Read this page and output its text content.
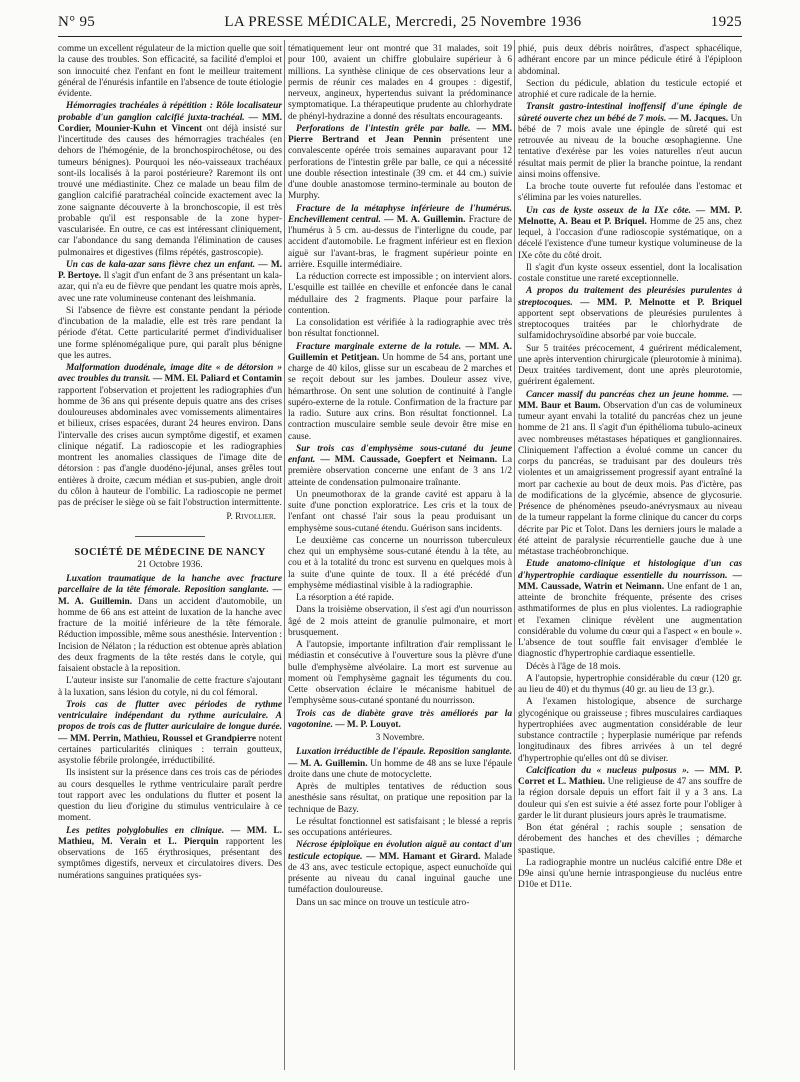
N° 95	LA PRESSE MÉDICALE, Mercredi, 25 Novembre 1936	1925

comme un excellent régulateur de la miction quelle que soit la cause des troubles. Son efficacité, sa facilité d'emploi et son innocuité chez l'enfant en font le meilleur traitement général de l'énurésis infantile en l'absence de toute étiologie évidente.

Hémorragies trachéales à répétition : Rôle localisateur probable d'un ganglion calcifié juxta-trachéal. — MM. Cordier, Mounier-Kuhn et Vincent ont déjà insisté sur l'incertitude des causes des hémorragies trachéales (en dehors de l'hémogénie, de la bronchospirochétose, ou des tumeurs bénignes). Pourquoi les néo-vaisseaux trachéaux sont-ils localisés à la paroi postérieure? Raremont ils ont trouvé une médiastinite. Chez ce malade un beau film de ganglion calcifié paratrachéal coïncide exactement avec la zone saignante découverte à la bronchoscopie, il est très probable qu'il est responsable de la zone hyper-vascularisée. En outre, ce cas est intéressant cliniquement, car l'abondance du sang demanda l'élimination de causes pulmonaires et digestives (films répétés, gastroscopie).

Un cas de kala-azar sans fièvre chez un enfant. — M. P. Bertoye. Il s'agit d'un enfant de 3 ans présentant un kala-azar, qui n'a eu de fièvre que pendant les quatre mois après, avec une rate volumineuse contenant des leishmania.

Si l'absence de fièvre est constante pendant la période d'incubation de la maladie, elle est très rare pendant la période d'état. Cette particularité permet d'individualiser une forme splénomégalique pure, qui paraît plus bénigne que les autres.

Malformation duodénale, image dite « de détorsion » avec troubles du transit. — MM. El. Paliard et Contamin rapportent l'observation et projettent les radiographies d'un homme de 36 ans qui présente depuis quatre ans des crises douloureuses abdominales avec vomissements alimentaires et bilieux, crises espacées, durant 24 heures environ. Dans l'intervalle des crises aucun symptôme digestif, et examen clinique négatif. La radioscopie et les radiographies montrent les anomalies classiques de l'image dite de détorsion : pas d'angle duodéno-jéjunal, anses grêles tout entières à droite, cæcum médian et sus-pubien, angle droit du côlon à hauteur de l'ombilic. La radioscopie ne permet pas de préciser le siège où se fait l'obstruction intermittente.

P. Rivollier.

SOCIÉTÉ DE MÉDECINE DE NANCY

21 Octobre 1936.

Luxation traumatique de la hanche avec fracture parcellaire de la tête fémorale. Reposition sanglante. — M. A. Guillemin. Dans un accident d'automobile, un homme de 66 ans est atteint de luxation de la hanche avec fracture de la moitié inférieure de la tête fémorale. Réduction impossible, même sous anesthésie. Intervention : Incision de Nélaton ; la réduction est obtenue après ablation des deux fragments de la tête restés dans le cotyle, qui faisaient obstacle à la reposition.

L'auteur insiste sur l'anomalie de cette fracture s'ajoutant à la luxation, sans lésion du cotyle, ni du col fémoral.

Trois cas de flutter avec périodes de rythme ventriculaire indépendant du rythme auriculaire. A propos de trois cas de flutter auriculaire de longue durée. — MM. Perrin, Mathieu, Roussel et Grandpierre notent certaines particularités cliniques : terrain goutteux, asystolie fébrile prolongée, irréductibilité.

Ils insistent sur la présence dans ces trois cas de périodes au cours desquelles le rythme ventriculaire paraît perdre tout rapport avec les ondulations du flutter et posent la question du lieu d'origine du stimulus ventriculaire à ce moment.

Les petites polyglobulies en clinique. — MM. L. Mathieu, M. Verain et L. Pierquin rapportent les observations de 165 érythrosiques, présentant des symptômes digestifs, nerveux et circulatoires divers. Des numérations sanguines pratiquées sys-

tématiquement leur ont montré que 31 malades, soit 19 pour 100, avaient un chiffre globulaire supérieur à 6 millions. La synthèse clinique de ces observations leur a permis de réunir ces malades en 4 groupes : digestif, nerveux, angineux, hypertendus suivant la prédominance symptomatique. La thérapeutique prudente au chlorhydrate de phényl-hydrazine a donné des résultats encourageants.

Perforations de l'intestin grêle par balle. — MM. Pierre Bertrand et Jean Pennin présentent une convalescente opérée trois semaines auparavant pour 12 perforations de l'intestin grêle par balle, ce qui a nécessité une double résection intestinale (39 cm. et 44 cm.) suivie d'une double anastomose termino-terminale au bouton de Murphy.

Fracture de la métaphyse inférieure de l'humérus. Enchevillement central. — M. A. Guillemin. Fracture de l'humérus à 5 cm. au-dessus de l'interligne du coude, par accident d'automobile. Le fragment inférieur est en flexion aiguë sur l'avant-bras, le fragment supérieur pointe en arrière. Esquille intermédiaire.

La réduction correcte est impossible ; on intervient alors. L'esquille est taillée en cheville et enfoncée dans le canal médullaire des 2 fragments. Plaque pour parfaire la contention.

La consolidation est vérifiée à la radiographie avec très bon résultat fonctionnel.

Fracture marginale externe de la rotule. — MM. A. Guillemin et Petitjean. Un homme de 54 ans, portant une charge de 40 kilos, glisse sur un escabeau de 2 marches et se reçoit debout sur les jambes. Douleur assez vive, hémarthrose. On sent une solution de continuité à l'angle supéro-externe de la rotule. Confirmation de la fracture par la radio. Suture aux crins. Bon résultat fonctionnel. La contraction musculaire semble seule devoir être mise en cause.

Sur trois cas d'emphysème sous-cutané du jeune enfant. — MM. Caussade, Goepfert et Neimann. La première observation concerne une enfant de 3 ans 1/2 atteinte de condensation pulmonaire traînante.

Un pneumothorax de la grande cavité est apparu à la suite d'une ponction exploratrice. Les cris et la toux de l'enfant ont chassé l'air sous la peau produisant un emphysème sous-cutané étendu. Guérison sans incidents.

Le deuxième cas concerne un nourrisson tuberculeux chez qui un emphysème sous-cutané étendu à la tête, au cou et à la totalité du tronc est survenu en quelques mois à la suite d'une quinte de toux. Il a été précédé d'un emphysème médiastinal visible à la radiographie.

La résorption a été rapide.

Dans la troisième observation, il s'est agi d'un nourrisson âgé de 2 mois atteint de granulie pulmonaire, et mort brusquement.

A l'autopsie, importante infiltration d'air remplissant le médiastin et consécutive à l'ouverture sous la plèvre d'une bulle d'emphysème alvéolaire. La mort est survenue au moment où l'emphysème gagnait les téguments du cou. Cette observation éclaire le mécanisme habituel de l'emphysème sous-cutané spontané du nourrisson.

Trois cas de diabète grave très améliorés par la vagotonine. — M. P. Louyot.

3 Novembre.

Luxation irréductible de l'épaule. Reposition sanglante. — M. A. Guillemin. Un homme de 48 ans se luxe l'épaule droite dans une chute de motocyclette.

Après de multiples tentatives de réduction sous anesthésie sans résultat, on pratique une reposition par la technique de Bazy.

Le résultat fonctionnel est satisfaisant ; le blessé a repris ses occupations antérieures.

Nécrose épiploïque en évolution aiguë au contact d'un testicule ectopique. — MM. Hamant et Girard. Malade de 43 ans, avec testicule ectopique, aspect eunuchoïde qui présente au niveau du canal inguinal gauche une tuméfaction douloureuse.

Dans un sac mince on trouve un testicule atro-

phié, puis deux débris noirâtres, d'aspect sphacélique, adhérant encore par un mince pédicule étiré à l'épiploon abdominal.

Section du pédicule, ablation du testicule ectopié et atrophié et cure radicale de la hernie.

Transit gastro-intestinal inoffensif d'une épingle de sûreté ouverte chez un bébé de 7 mois. — M. Jacques. Un bébé de 7 mois avale une épingle de sûreté qui est retrouvée au niveau de la bouche œsophagienne. Une tentative d'exérèse par les voies naturelles n'eut aucun résultat mais permit de plier la branche pointue, la rendant ainsi moins offensive.

La broche toute ouverte fut refoulée dans l'estomac et s'élimina par les voies naturelles.

Un cas de kyste osseux de la IXe côte. — MM. P. Melnotte, A. Beau et P. Briquel. Homme de 25 ans, chez lequel, à l'occasion d'une radioscopie systématique, on a décelé l'existence d'une tumeur kystique volumineuse de la IXe côte du côté droit.

Il s'agit d'un kyste osseux essentiel, dont la localisation costale constitue une rareté exceptionnelle.

A propos du traitement des pleurésies purulentes à streptocoques. — MM. P. Melnotte et P. Briquel apportent sept observations de pleurésies purulentes à streptocoques traitées par le chlorhydrate de sulfamidochrysoïdine absorbé par voie buccale.

Sur 5 traitées précocement, 4 guérirent médicalement, une après intervention chirurgicale (pleurotomie à minima). Deux traitées tardivement, dont une après pleurotomie, guérirent également.

Cancer massif du pancréas chez un jeune homme. — MM. Baur et Baum. Observation d'un cas de volumineux tumeur ayant envahi la totalité du pancréas chez un jeune homme de 21 ans. Il s'agit d'un épithélioma tubulo-acineux avec nombreuses métastases hépatiques et ganglionnaires. Cliniquement l'affection a évolué comme un cancer du corps du pancréas, se traduisant par des douleurs très violentes et un amaigrissement progressif ayant entraîné la mort par cachexie au bout de deux mois. Pas d'ictère, pas de modifications de la glycémie, absence de glycosurie. Présence de phénomènes pseudo-anévrysmaux au niveau de la tumeur rappelant la forme clinique du cancer du corps décrite par Pic et Tolot. Dans les derniers jours le malade a été atteint de paralysie récurrentielle gauche due à une métastase trachéobronchique.

Etude anatomo-clinique et histologique d'un cas d'hypertrophie cardiaque essentielle du nourrisson. — MM. Caussade, Watrin et Neimann. Une enfant de 1 an, atteinte de bronchite fréquente, présente des crises asthmatiformes de plus en plus violentes. La radiographie et l'examen clinique révèlent une augmentation considérable du volume du cœur qui a l'aspect « en boule ». L'absence de tout souffle fait envisager d'emblée le diagnostic d'hypertrophie cardiaque essentielle.

Décès à l'âge de 18 mois.

A l'autopsie, hypertrophie considérable du cœur (120 gr. au lieu de 40) et du thymus (40 gr. au lieu de 13 gr.).

A l'examen histologique, absence de surcharge glycogénique ou graisseuse ; fibres musculaires cardiaques hypertrophiées avec augmentation considérable de leur substance contractile ; hyperplasie numérique par refends longitudinaux des fibres arrivées à un tel degré d'hypertrophie qu'elles ont dû se diviser.

Calcification du « nucleus pulposus ». — MM. P. Corret et L. Mathieu. Une religieuse de 47 ans souffre de la région dorsale depuis un effort fait il y a 3 ans. La douleur qui s'en est suivie a été assez forte pour l'obliger à garder le lit durant plusieurs jours après le traumatisme.

Bon état général ; rachis souple ; sensation de dérobement des hanches et des chevilles ; démarche spastique.

La radiographie montre un nucléus calcifié entre D8e et D9e ainsi qu'une hernie intraspongieuse du nucléus entre D10e et D11e.
